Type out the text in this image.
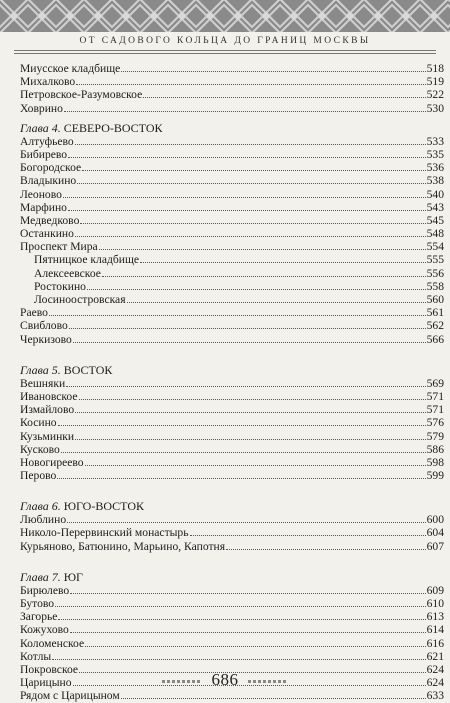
ОТ САДОВОГО КОЛЬЦА ДО ГРАНИЦ МОСКВЫ
Миусское кладбище	518
Михалково	519
Петровское-Разумовское	522
Ховрино	530
Глава 4. СЕВЕРО-ВОСТОК
Алтуфьево	533
Бибирево	535
Богородское	536
Владыкино	538
Леоново	540
Марфино	543
Медведково	545
Останкино	548
Проспект Мира	554
Пятницкое кладбище	555
Алексеевское	556
Ростокино	558
Лосиноостровская	560
Раево	561
Свиблово	562
Черкизово	566
Глава 5. ВОСТОК
Вешняки	569
Ивановское	571
Измайлово	571
Косино	576
Кузьминки	579
Кусково	586
Новогиреево	598
Перово	599
Глава 6. ЮГО-ВОСТОК
Люблино	600
Николо-Перервинский монастырь	604
Курьяново, Батюнино, Марьино, Капотня	607
Глава 7. ЮГ
Бирюлево	609
Бутово	610
Загорье	613
Кожухово	614
Коломенское	616
Котлы	621
Покровское	624
Царицыно	624
Рядом с Царицыном	633
686
